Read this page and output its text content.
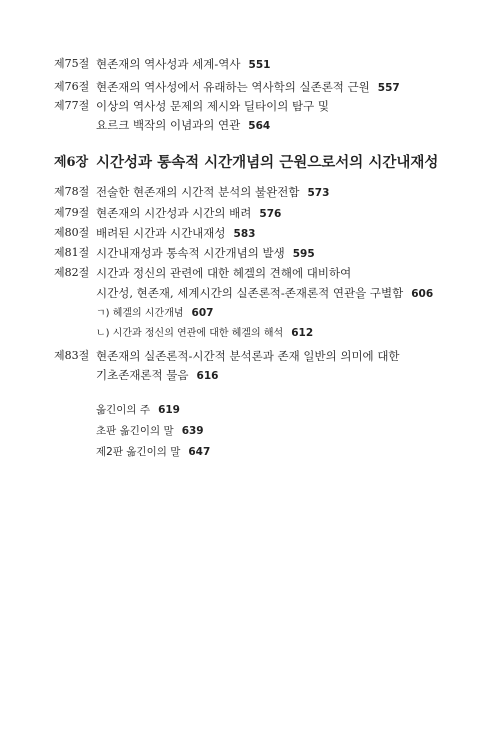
제75절 현존재의 역사성과 세계-역사 551
제76절 현존재의 역사성에서 유래하는 역사학의 실존론적 근원 557
제77절 이상의 역사성 문제의 제시와 딜타이의 탐구 및
요르크 백작의 이념과의 연관 564
제6장 시간성과 통속적 시간개념의 근원으로서의 시간내재성
제78절 전술한 현존재의 시간적 분석의 불완전함 573
제79절 현존재의 시간성과 시간의 배려 576
제80절 배려된 시간과 시간내재성 583
제81절 시간내재성과 통속적 시간개념의 발생 595
제82절 시간과 정신의 관련에 대한 헤겔의 견해에 대비하여
시간성, 현존재, 세계시간의 실존론적-존재론적 연관을 구별함 606
ㄱ) 헤겔의 시간개념 607
ㄴ) 시간과 정신의 연관에 대한 헤겔의 해석 612
제83절 현존재의 실존론적-시간적 분석론과 존재 일반의 의미에 대한
기초존재론적 물음 616
옮긴이의 주 619
초판 옮긴이의 말 639
제2판 옮긴이의 말 647
